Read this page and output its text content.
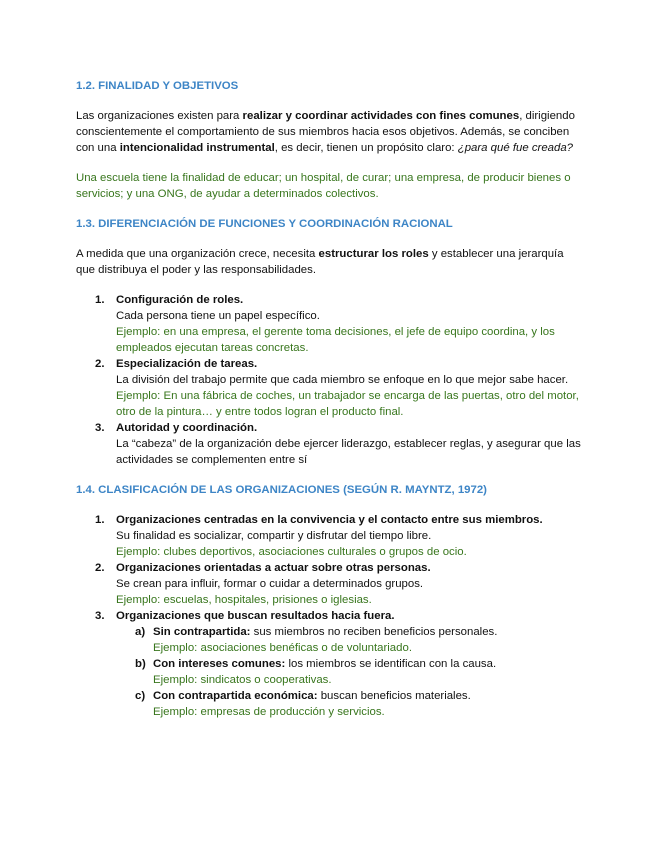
1.2. FINALIDAD Y OBJETIVOS

Las organizaciones existen para realizar y coordinar actividades con fines comunes, dirigiendo conscientemente el comportamiento de sus miembros hacia esos objetivos. Además, se conciben con una intencionalidad instrumental, es decir, tienen un propósito claro: ¿para qué fue creada?

Una escuela tiene la finalidad de educar; un hospital, de curar; una empresa, de producir bienes o servicios; y una ONG, de ayudar a determinados colectivos.

1.3. DIFERENCIACIÓN DE FUNCIONES Y COORDINACIÓN RACIONAL

A medida que una organización crece, necesita estructurar los roles y establecer una jerarquía que distribuya el poder y las responsabilidades.

1. Configuración de roles.
Cada persona tiene un papel específico.
Ejemplo: en una empresa, el gerente toma decisiones, el jefe de equipo coordina, y los empleados ejecutan tareas concretas.
2. Especialización de tareas.
La división del trabajo permite que cada miembro se enfoque en lo que mejor sabe hacer.
Ejemplo: En una fábrica de coches, un trabajador se encarga de las puertas, otro del motor, otro de la pintura… y entre todos logran el producto final.
3. Autoridad y coordinación.
La “cabeza” de la organización debe ejercer liderazgo, establecer reglas, y asegurar que las actividades se complementen entre sí
1.4. CLASIFICACIÓN DE LAS ORGANIZACIONES (SEGÚN R. MAYNTZ, 1972)
1. Organizaciones centradas en la convivencia y el contacto entre sus miembros.
Su finalidad es socializar, compartir y disfrutar del tiempo libre.
Ejemplo: clubes deportivos, asociaciones culturales o grupos de ocio.
2. Organizaciones orientadas a actuar sobre otras personas.
Se crean para influir, formar o cuidar a determinados grupos.
Ejemplo: escuelas, hospitales, prisiones o iglesias.
3. Organizaciones que buscan resultados hacia fuera.
a) Sin contrapartida: sus miembros no reciben beneficios personales.
Ejemplo: asociaciones benéficas o de voluntariado.
b) Con intereses comunes: los miembros se identifican con la causa.
Ejemplo: sindicatos o cooperativas.
c) Con contrapartida económica: buscan beneficios materiales.
Ejemplo: empresas de producción y servicios.
